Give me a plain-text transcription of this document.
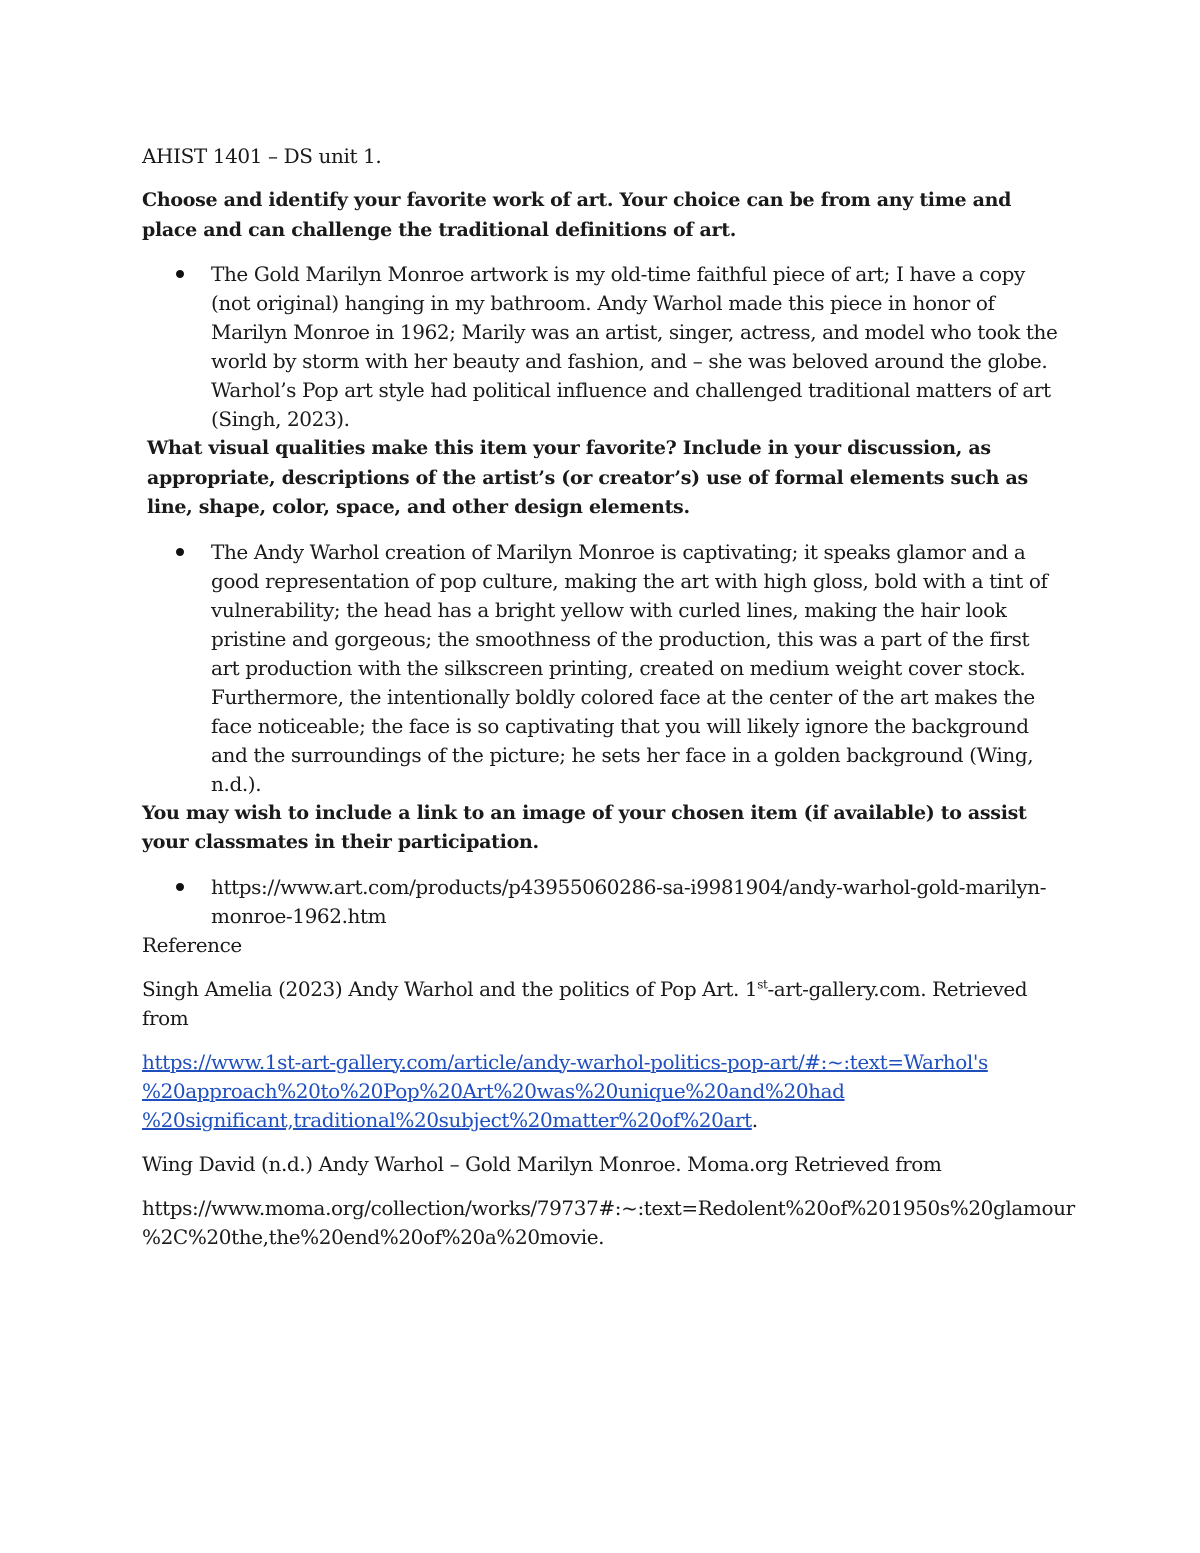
AHIST 1401 – DS unit 1.

Choose and identify your favorite work of art. Your choice can be from any time and place and can challenge the traditional definitions of art.

The Gold Marilyn Monroe artwork is my old-time faithful piece of art; I have a copy (not original) hanging in my bathroom. Andy Warhol made this piece in honor of Marilyn Monroe in 1962; Marily was an artist, singer, actress, and model who took the world by storm with her beauty and fashion, and – she was beloved around the globe. Warhol’s Pop art style had political influence and challenged traditional matters of art (Singh, 2023).

What visual qualities make this item your favorite? Include in your discussion, as appropriate, descriptions of the artist’s (or creator’s) use of formal elements such as line, shape, color, space, and other design elements.

The Andy Warhol creation of Marilyn Monroe is captivating; it speaks glamor and a good representation of pop culture, making the art with high gloss, bold with a tint of vulnerability; the head has a bright yellow with curled lines, making the hair look pristine and gorgeous; the smoothness of the production, this was a part of the first art production with the silkscreen printing, created on medium weight cover stock. Furthermore, the intentionally boldly colored face at the center of the art makes the face noticeable; the face is so captivating that you will likely ignore the background and the surroundings of the picture; he sets her face in a golden background (Wing, n.d.).

You may wish to include a link to an image of your chosen item (if available) to assist your classmates in their participation.

https://www.art.com/products/p43955060286-sa-i9981904/andy-warhol-gold-marilyn-
monroe-1962.htm

Reference

Singh Amelia (2023) Andy Warhol and the politics of Pop Art. 1st-art-gallery.com. Retrieved from

https://www.1st-art-gallery.com/article/andy-warhol-politics-pop-art/#:~:text=Warhol's
%20approach%20to%20Pop%20Art%20was%20unique%20and%20had
%20significant,traditional%20subject%20matter%20of%20art.

Wing David (n.d.) Andy Warhol – Gold Marilyn Monroe. Moma.org Retrieved from

https://www.moma.org/collection/works/79737#:~:text=Redolent%20of%201950s%20glamour
%2C%20the,the%20end%20of%20a%20movie.
